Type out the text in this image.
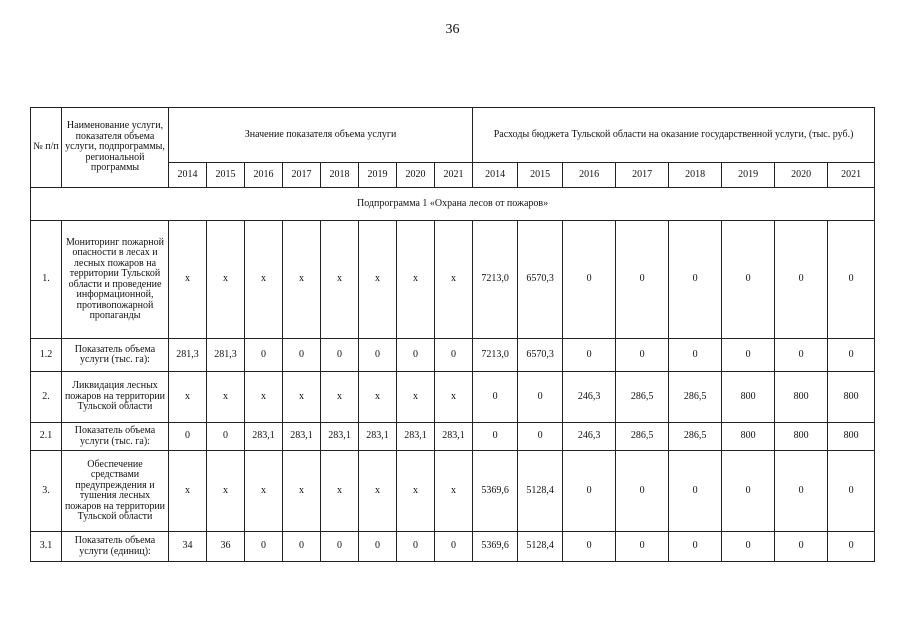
36
№ п/п	Наименование услуги, показателя объема услуги, подпрограммы, региональной программы	Значение показателя объема услуги								Расходы бюджета Тульской области на оказание государственной услуги, (тыс. руб.)							
		2014	2015	2016	2017	2018	2019	2020	2021	2014	2015	2016	2017	2018	2019	2020	2021
Подпрограмма 1 «Охрана лесов от пожаров»																	
1.	Мониторинг пожарной опасности в лесах и лесных пожаров на территории Тульской области и проведение информационной, противопожарной пропаганды	х	х	х	х	х	х	х	х	7213,0	6570,3	0	0	0	0	0	0
1.2	Показатель объема услуги (тыс. га):	281,3	281,3	0	0	0	0	0	0	7213,0	6570,3	0	0	0	0	0	0
2.	Ликвидация лесных пожаров на территории Тульской области	х	х	х	х	х	х	х	х	0	0	246,3	286,5	286,5	800	800	800
2.1	Показатель объема услуги (тыс. га):	0	0	283,1	283,1	283,1	283,1	283,1	283,1	0	0	246,3	286,5	286,5	800	800	800
3.	Обеспечение средствами предупреждения и тушения лесных пожаров на территории Тульской области	х	х	х	х	х	х	х	х	5369,6	5128,4	0	0	0	0	0	0
3.1	Показатель объема услуги (единиц):	34	36	0	0	0	0	0	0	5369,6	5128,4	0	0	0	0	0	0
